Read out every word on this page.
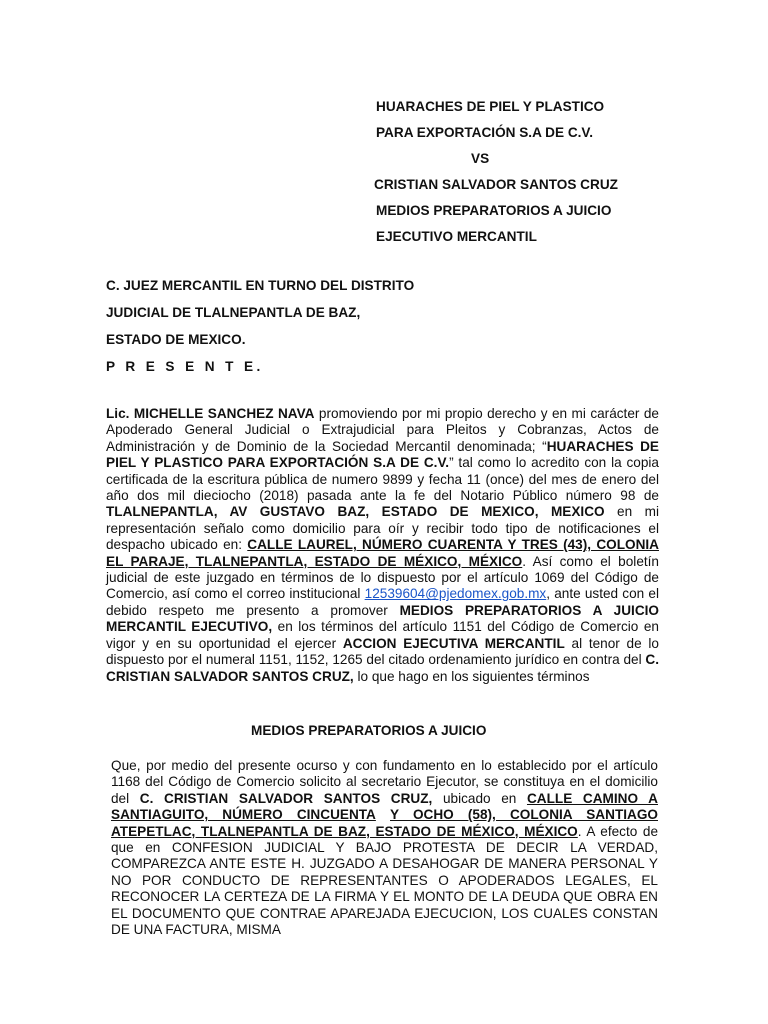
HUARACHES DE PIEL Y PLASTICO
PARA EXPORTACIÓN S.A DE C.V.
VS
CRISTIAN SALVADOR SANTOS CRUZ
MEDIOS PREPARATORIOS A JUICIO
EJECUTIVO MERCANTIL
C. JUEZ MERCANTIL EN TURNO DEL DISTRITO
JUDICIAL DE TLALNEPANTLA DE BAZ,
ESTADO DE MEXICO.
P R E S E N T E.

Lic. MICHELLE SANCHEZ NAVA promoviendo por mi propio derecho y en mi carácter de Apoderado General Judicial o Extrajudicial para Pleitos y Cobranzas, Actos de Administración y de Dominio de la Sociedad Mercantil denominada; “HUARACHES DE PIEL Y PLASTICO PARA EXPORTACIÓN S.A DE C.V.” tal como lo acredito con la copia certificada de la escritura pública de numero 9899 y fecha 11 (once) del mes de enero del año dos mil dieciocho (2018) pasada ante la fe del Notario Público número 98 de TLALNEPANTLA, AV GUSTAVO BAZ, ESTADO DE MEXICO, MEXICO en mi representación señalo como domicilio para oír y recibir todo tipo de notificaciones el despacho ubicado en: CALLE LAUREL, NÚMERO CUARENTA Y TRES (43), COLONIA EL PARAJE, TLALNEPANTLA, ESTADO DE MÉXICO, MÉXICO. Así como el boletín judicial de este juzgado en términos de lo dispuesto por el artículo 1069 del Código de Comercio, así como el correo institucional 12539604@pjedomex.gob.mx, ante usted con el debido respeto me presento a promover MEDIOS PREPARATORIOS A JUICIO MERCANTIL EJECUTIVO, en los términos del artículo 1151 del Código de Comercio en vigor y en su oportunidad el ejercer ACCION EJECUTIVA MERCANTIL al tenor de lo dispuesto por el numeral 1151, 1152, 1265 del citado ordenamiento jurídico en contra del C. CRISTIAN SALVADOR SANTOS CRUZ, lo que hago en los siguientes términos

MEDIOS PREPARATORIOS A JUICIO

Que, por medio del presente ocurso y con fundamento en lo establecido por el artículo 1168 del Código de Comercio solicito al secretario Ejecutor, se constituya en el domicilio del C. CRISTIAN SALVADOR SANTOS CRUZ, ubicado en CALLE CAMINO A SANTIAGUITO, NÚMERO CINCUENTA Y OCHO (58), COLONIA SANTIAGO ATEPETLAC, TLALNEPANTLA DE BAZ, ESTADO DE MÉXICO, MÉXICO. A efecto de que en CONFESION JUDICIAL Y BAJO PROTESTA DE DECIR LA VERDAD, COMPAREZCA ANTE ESTE H. JUZGADO A DESAHOGAR DE MANERA PERSONAL Y NO POR CONDUCTO DE REPRESENTANTES O APODERADOS LEGALES, EL RECONOCER LA CERTEZA DE LA FIRMA Y EL MONTO DE LA DEUDA QUE OBRA EN EL DOCUMENTO QUE CONTRAE APAREJADA EJECUCION, LOS CUALES CONSTAN DE UNA FACTURA, MISMA
